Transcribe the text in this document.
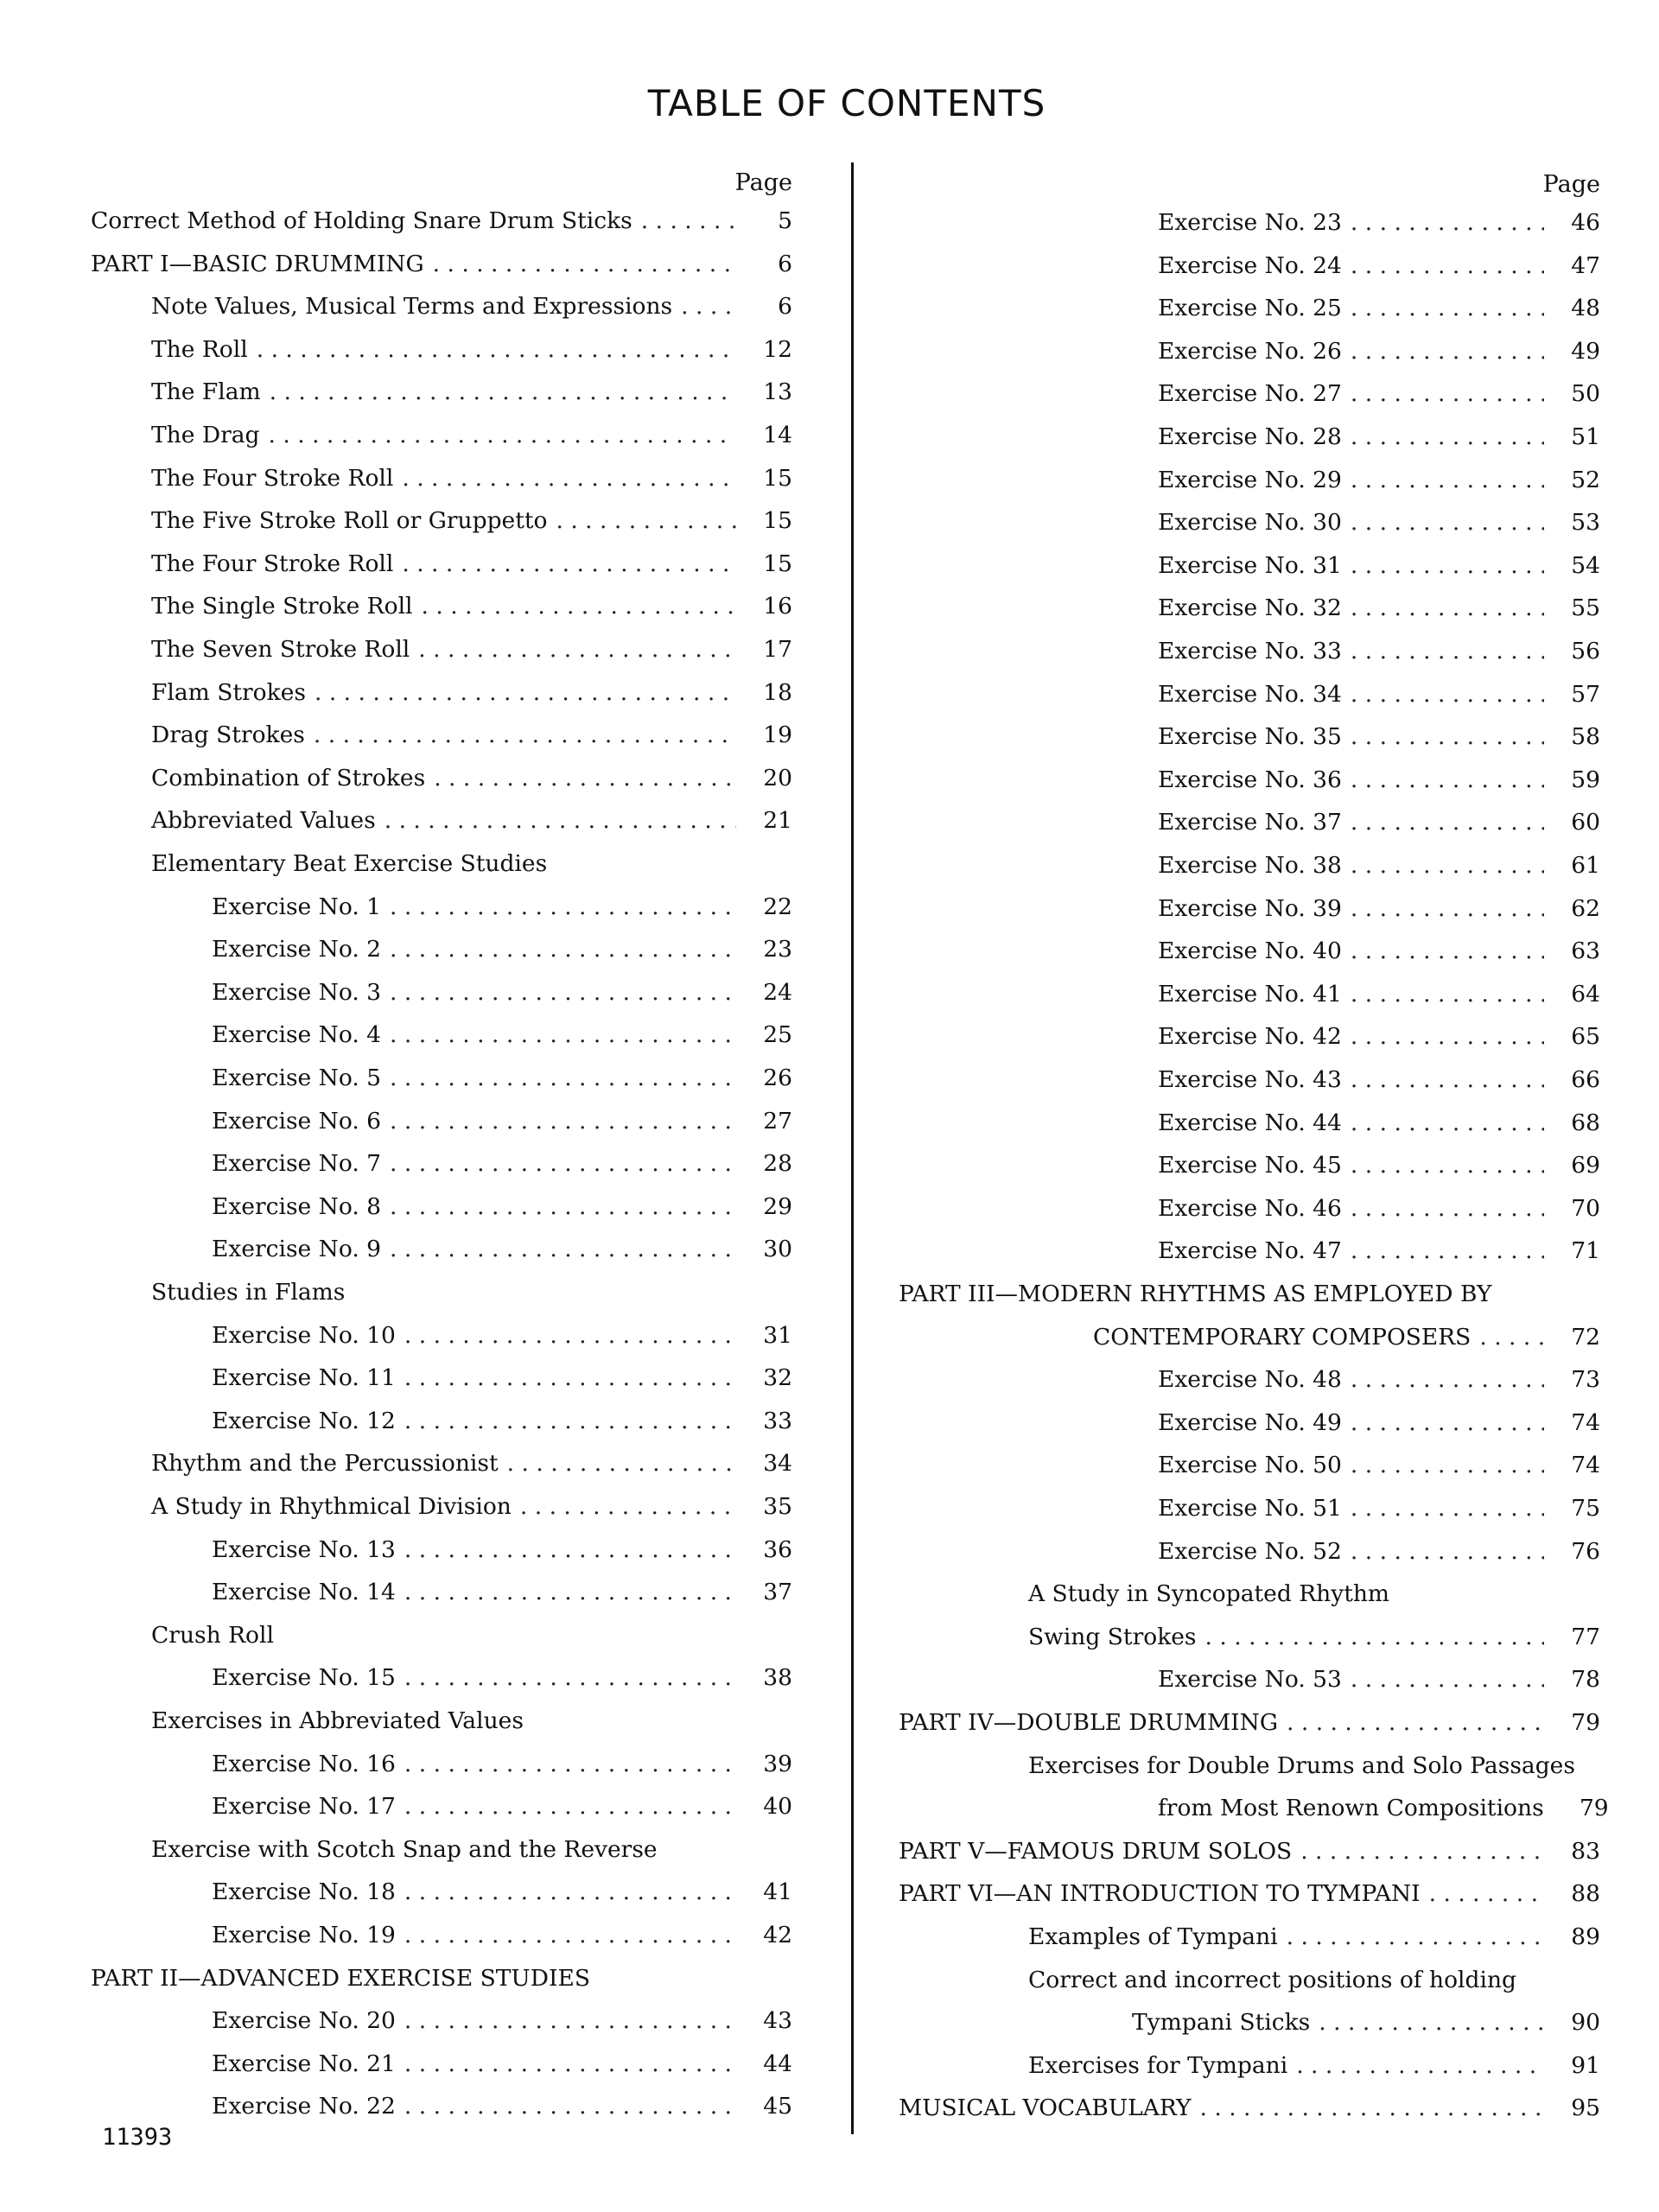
TABLE OF CONTENTS
Page
Correct Method of Holding Snare Drum Sticks . . .	5
PART I—BASIC DRUMMING . . .	6
Note Values, Musical Terms and Expressions . . .	6
The Roll . . .	12
The Flam . . .	13
The Drag . . .	14
The Four Stroke Roll . . .	15
The Five Stroke Roll or Gruppetto . . .	15
The Four Stroke Roll . . .	15
The Single Stroke Roll . . .	16
The Seven Stroke Roll . . .	17
Flam Strokes . . .	18
Drag Strokes . . .	19
Combination of Strokes . . .	20
Abbreviated Values . . .	21
Elementary Beat Exercise Studies
Exercise No. 1 . . .	22
Exercise No. 2 . . .	23
Exercise No. 3 . . .	24
Exercise No. 4 . . .	25
Exercise No. 5 . . .	26
Exercise No. 6 . . .	27
Exercise No. 7 . . .	28
Exercise No. 8 . . .	29
Exercise No. 9 . . .	30
Studies in Flams
Exercise No. 10 . . .	31
Exercise No. 11 . . .	32
Exercise No. 12 . . .	33
Rhythm and the Percussionist . . .	34
A Study in Rhythmical Division . . .	35
Exercise No. 13 . . .	36
Exercise No. 14 . . .	37
Crush Roll
Exercise No. 15 . . .	38
Exercises in Abbreviated Values
Exercise No. 16 . . .	39
Exercise No. 17 . . .	40
Exercise with Scotch Snap and the Reverse
Exercise No. 18 . . .	41
Exercise No. 19 . . .	42
PART II—ADVANCED EXERCISE STUDIES
Exercise No. 20 . . .	43
Exercise No. 21 . . .	44
Exercise No. 22 . . .	45
Page
Exercise No. 23 . . .	46
Exercise No. 24 . . .	47
Exercise No. 25 . . .	48
Exercise No. 26 . . .	49
Exercise No. 27 . . .	50
Exercise No. 28 . . .	51
Exercise No. 29 . . .	52
Exercise No. 30 . . .	53
Exercise No. 31 . . .	54
Exercise No. 32 . . .	55
Exercise No. 33 . . .	56
Exercise No. 34 . . .	57
Exercise No. 35 . . .	58
Exercise No. 36 . . .	59
Exercise No. 37 . . .	60
Exercise No. 38 . . .	61
Exercise No. 39 . . .	62
Exercise No. 40 . . .	63
Exercise No. 41 . . .	64
Exercise No. 42 . . .	65
Exercise No. 43 . . .	66
Exercise No. 44 . . .	68
Exercise No. 45 . . .	69
Exercise No. 46 . . .	70
Exercise No. 47 . . .	71
PART III—MODERN RHYTHMS AS EMPLOYED BY
CONTEMPORARY COMPOSERS . . .	72
Exercise No. 48 . . .	73
Exercise No. 49 . . .	74
Exercise No. 50 . . .	74
Exercise No. 51 . . .	75
Exercise No. 52 . . .	76
A Study in Syncopated Rhythm
Swing Strokes . . .	77
Exercise No. 53 . . .	78
PART IV—DOUBLE DRUMMING . . .	79
Exercises for Double Drums and Solo Passages
from Most Renown Compositions	79
PART V—FAMOUS DRUM SOLOS . . .	83
PART VI—AN INTRODUCTION TO TYMPANI . . .	88
Examples of Tympani . . .	89
Correct and incorrect positions of holding
Tympani Sticks . . .	90
Exercises for Tympani . . .	91
MUSICAL VOCABULARY . . .	95
11393
